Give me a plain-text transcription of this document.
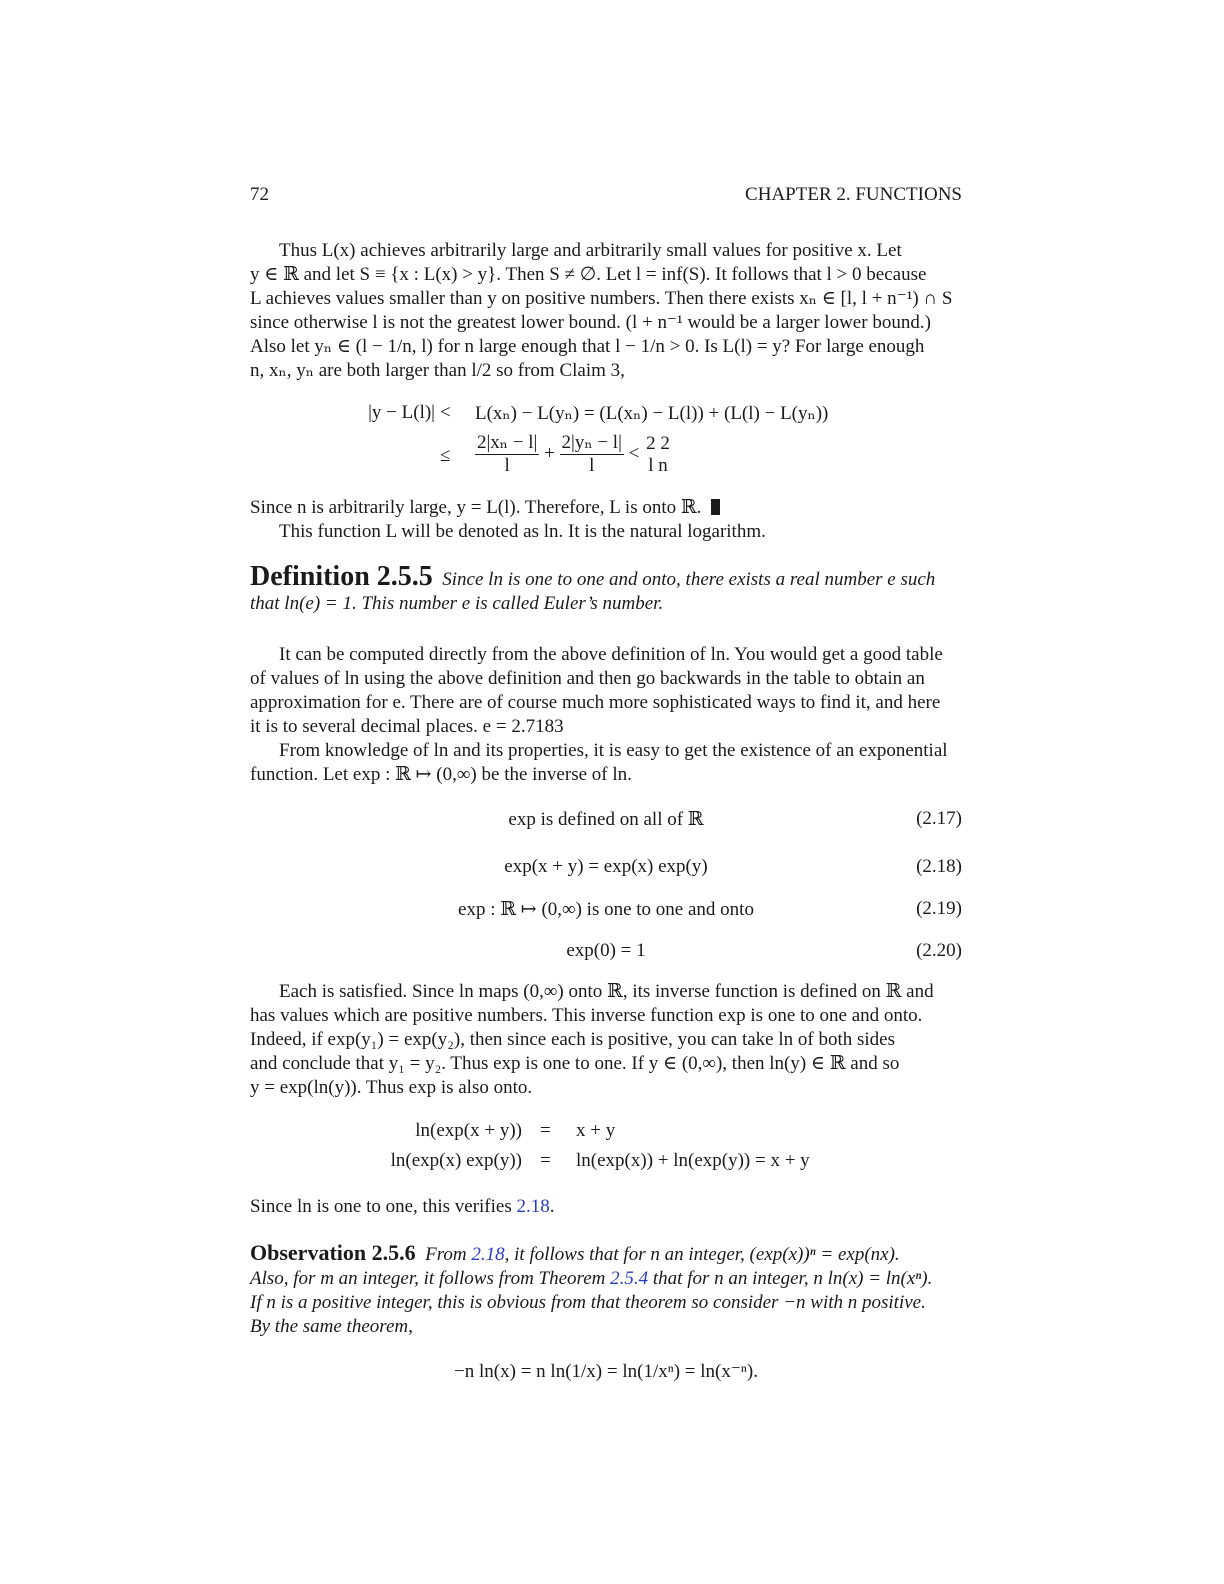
72	CHAPTER 2. FUNCTIONS

Thus L(x) achieves arbitrarily large and arbitrarily small values for positive x. Let

y ∈ ℝ and let S ≡ {x : L(x) > y}. Then S ≠ ∅. Let l = inf(S). It follows that l > 0 because

L achieves values smaller than y on positive numbers. Then there exists xₙ ∈ [l, l + n⁻¹) ∩ S

since otherwise l is not the greatest lower bound. (l + n⁻¹ would be a larger lower bound.)

Also let yₙ ∈ (l − 1/n, l) for n large enough that l − 1/n > 0. Is L(l) = y? For large enough

n, xₙ, yₙ are both larger than l/2 so from Claim 3,

|y − L(l)| < L(xₙ) − L(yₙ) = (L(xₙ) − L(l)) + (L(l) − L(yₙ))
≤ $\frac{\text{2|xₙ − l|}}{l} + \frac{\text{2|yₙ − l|}}{l} < 2$ 2
l n

Since n is arbitrarily large, y = L(l). Therefore, L is onto ℝ.

This function L will be denoted as ln. It is the natural logarithm.

Definition 2.5.5 Since ln is one to one and onto, there exists a real number e such

that ln(e) = 1. This number e is called Euler’s number.

It can be computed directly from the above definition of ln. You would get a good table

of values of ln using the above definition and then go backwards in the table to obtain an

approximation for e. There are of course much more sophisticated ways to find it, and here

it is to several decimal places. e = 2.7183

From knowledge of ln and its properties, it is easy to get the existence of an exponential

function. Let exp : ℝ ↦ (0,∞) be the inverse of ln.

exp is defined on all of ℝ	(2.17)
exp(x + y) = exp(x) exp(y)	(2.18)
exp : ℝ ↦ (0,∞) is one to one and onto	(2.19)
exp(0) = 1	(2.20)

Each is satisfied. Since ln maps (0,∞) onto ℝ, its inverse function is defined on ℝ and

has values which are positive numbers. This inverse function exp is one to one and onto.

Indeed, if exp(y₁) = exp(y₂), then since each is positive, you can take ln of both sides

and conclude that y₁ = y₂. Thus exp is one to one. If y ∈ (0,∞), then ln(y) ∈ ℝ and so

y = exp(ln(y)). Thus exp is also onto.

ln(exp(x + y)) = x + y
ln(exp(x) exp(y)) = ln(exp(x)) + ln(exp(y)) = x + y

Since ln is one to one, this verifies 2.18.

Observation 2.5.6 From 2.18, it follows that for n an integer, (exp(x))ⁿ = exp(nx).

Also, for m an integer, it follows from Theorem 2.5.4 that for n an integer, n ln(x) = ln(xⁿ).

If n is a positive integer, this is obvious from that theorem so consider −n with n positive.

By the same theorem,

−n ln(x) = n ln(1/x) = ln(1/xⁿ) = ln(x⁻ⁿ).
